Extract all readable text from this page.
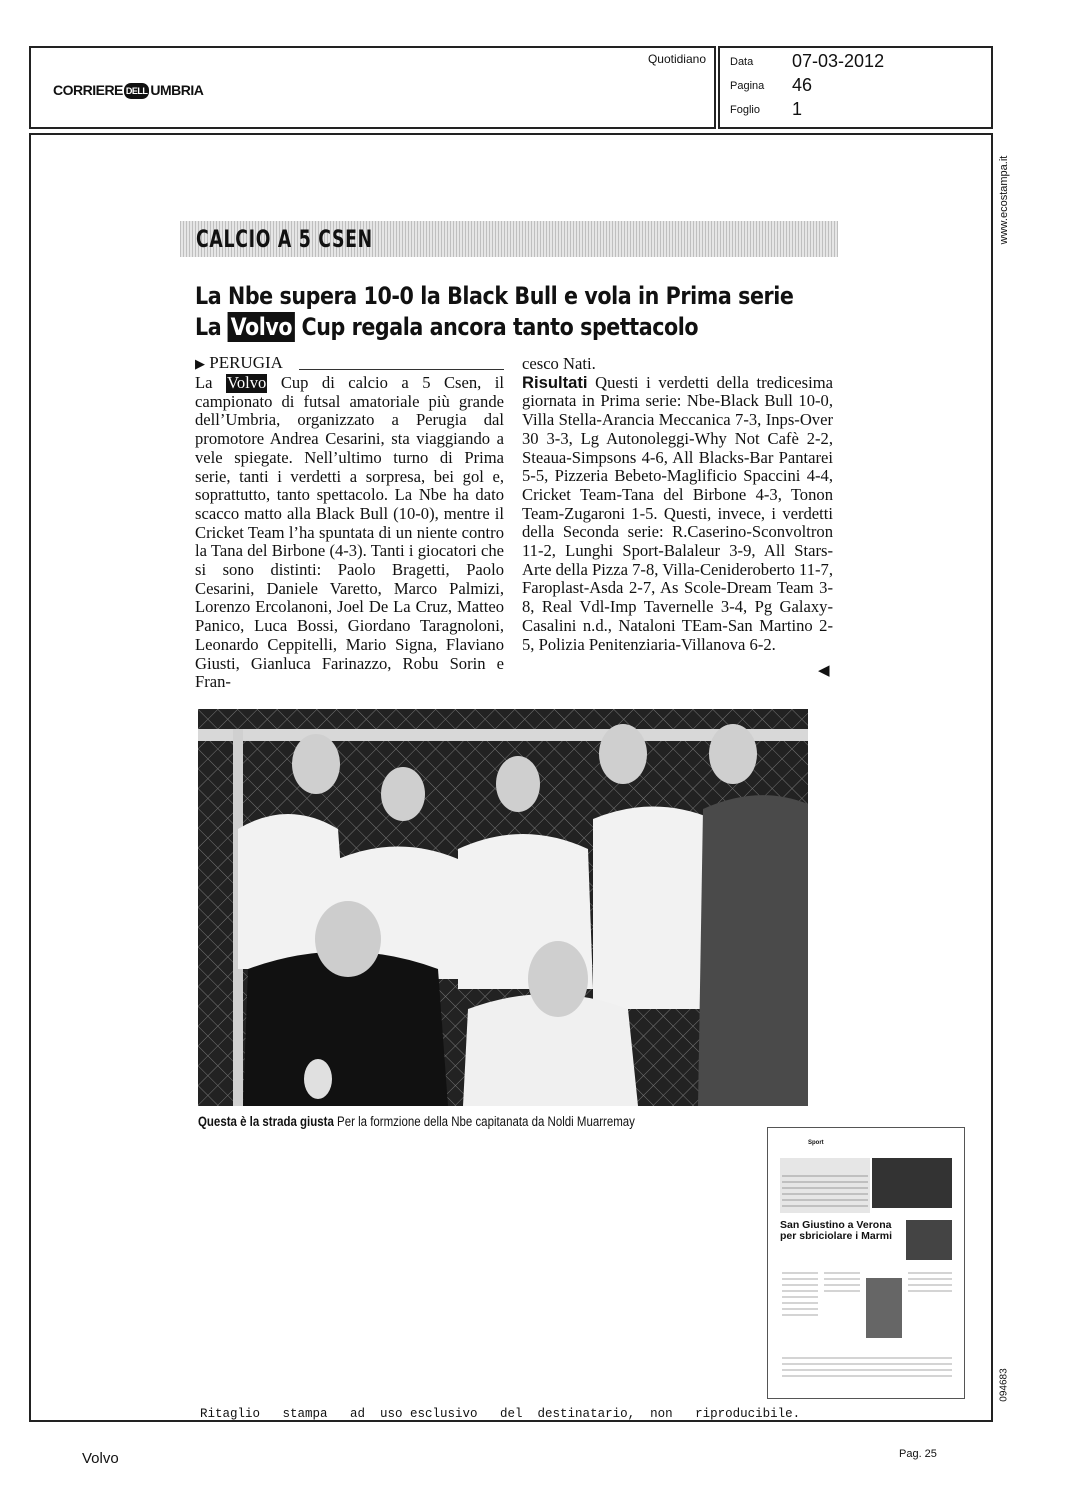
CORRIERE DELL UMBRIA
Quotidiano Data 07-03-2012
Pagina 46
Foglio 1
www.ecostampa.it
CALCIO A 5 CSEN
La Nbe supera 10-0 la Black Bull e vola in Prima serie
La Volvo Cup regala ancora tanto spettacolo
▶ PERUGIA
La Volvo Cup di calcio a 5 Csen, il campionato di futsal amatoriale più grande dell’Umbria, organizzato a Perugia dal promotore Andrea Cesarini, sta viaggiando a vele spiegate. Nell’ultimo turno di Prima serie, tanti i verdetti a sorpresa, bei gol e, soprattutto, tanto spettacolo. La Nbe ha dato scacco matto alla Black Bull (10-0), mentre il Cricket Team l’ha spuntata di un niente contro la Tana del Birbone (4-3). Tanti i giocatori che si sono distinti: Paolo Bragetti, Paolo Cesarini, Daniele Varetto, Marco Palmizi, Lorenzo Ercolanoni, Joel De La Cruz, Matteo Panico, Luca Bossi, Giordano Taragnoloni, Leonardo Ceppitelli, Mario Signa, Flaviano Giusti, Gianluca Farinazzo, Robu Sorin e Fran-
cesco Nati.
Risultati Questi i verdetti della tredicesima giornata in Prima serie: Nbe-Black Bull 10-0, Villa Stella-Arancia Meccanica 7-3, Inps-Over 30 3-3, Lg Autonoleggi-Why Not Cafè 2-2, Steaua-Simpsons 4-6, All Blacks-Bar Pantarei 5-5, Pizzeria Bebeto-Maglificio Spaccini 4-4, Cricket Team-Tana del Birbone 4-3, Tonon Team-Zugaroni 1-5. Questi, invece, i verdetti della Seconda serie: R.Caserino-Sconvoltron 11-2, Lunghi Sport-Balaleur 3-9, All Stars-Arte della Pizza 7-8, Villa-Cenideroberto 11-7, Faroplast-Asda 2-7, As Scole-Dream Team 3-8, Real Vdl-Imp Tavernelle 3-4, Pg Galaxy-Casalini n.d., Nataloni TEam-San Martino 2-5, Polizia Penitenziaria-Villanova 6-2.
◀
Questa è la strada giusta Per la formzione della Nbe capitanata da Noldi Muarremay
Sport
San Giustino a Verona per sbriciolare i Marmi
094683
Ritaglio   stampa   ad  uso esclusivo   del  destinatario,  non   riproducibile.
Volvo	Pag. 25
